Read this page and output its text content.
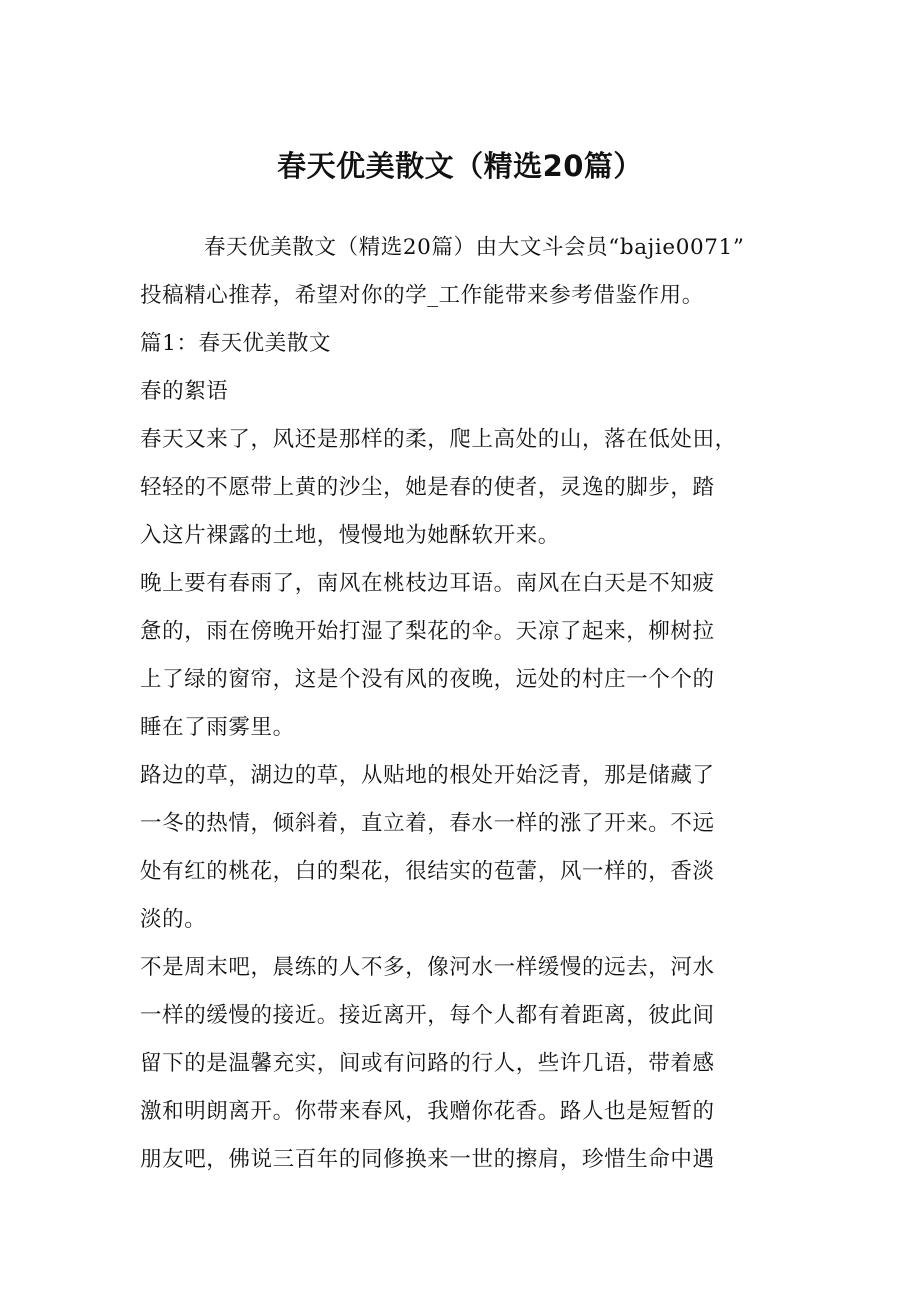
春天优美散文（精选20篇）
春天优美散文（精选20篇）由大文斗会员“bajie0071”
投稿精心推荐，希望对你的学_工作能带来参考借鉴作用。
篇1：春天优美散文
春的絮语
春天又来了，风还是那样的柔，爬上高处的山，落在低处田，
轻轻的不愿带上黄的沙尘，她是春的使者，灵逸的脚步，踏
入这片裸露的土地，慢慢地为她酥软开来。
晚上要有春雨了，南风在桃枝边耳语。南风在白天是不知疲
惫的，雨在傍晚开始打湿了梨花的伞。天凉了起来，柳树拉
上了绿的窗帘，这是个没有风的夜晚，远处的村庄一个个的
睡在了雨雾里。
路边的草，湖边的草，从贴地的根处开始泛青，那是储藏了
一冬的热情，倾斜着，直立着，春水一样的涨了开来。不远
处有红的桃花，白的梨花，很结实的苞蕾，风一样的，香淡
淡的。
不是周末吧，晨练的人不多，像河水一样缓慢的远去，河水
一样的缓慢的接近。接近离开，每个人都有着距离，彼此间
留下的是温馨充实，间或有问路的行人，些许几语，带着感
激和明朗离开。你带来春风，我赠你花香。路人也是短暂的
朋友吧，佛说三百年的同修换来一世的擦肩，珍惜生命中遇
